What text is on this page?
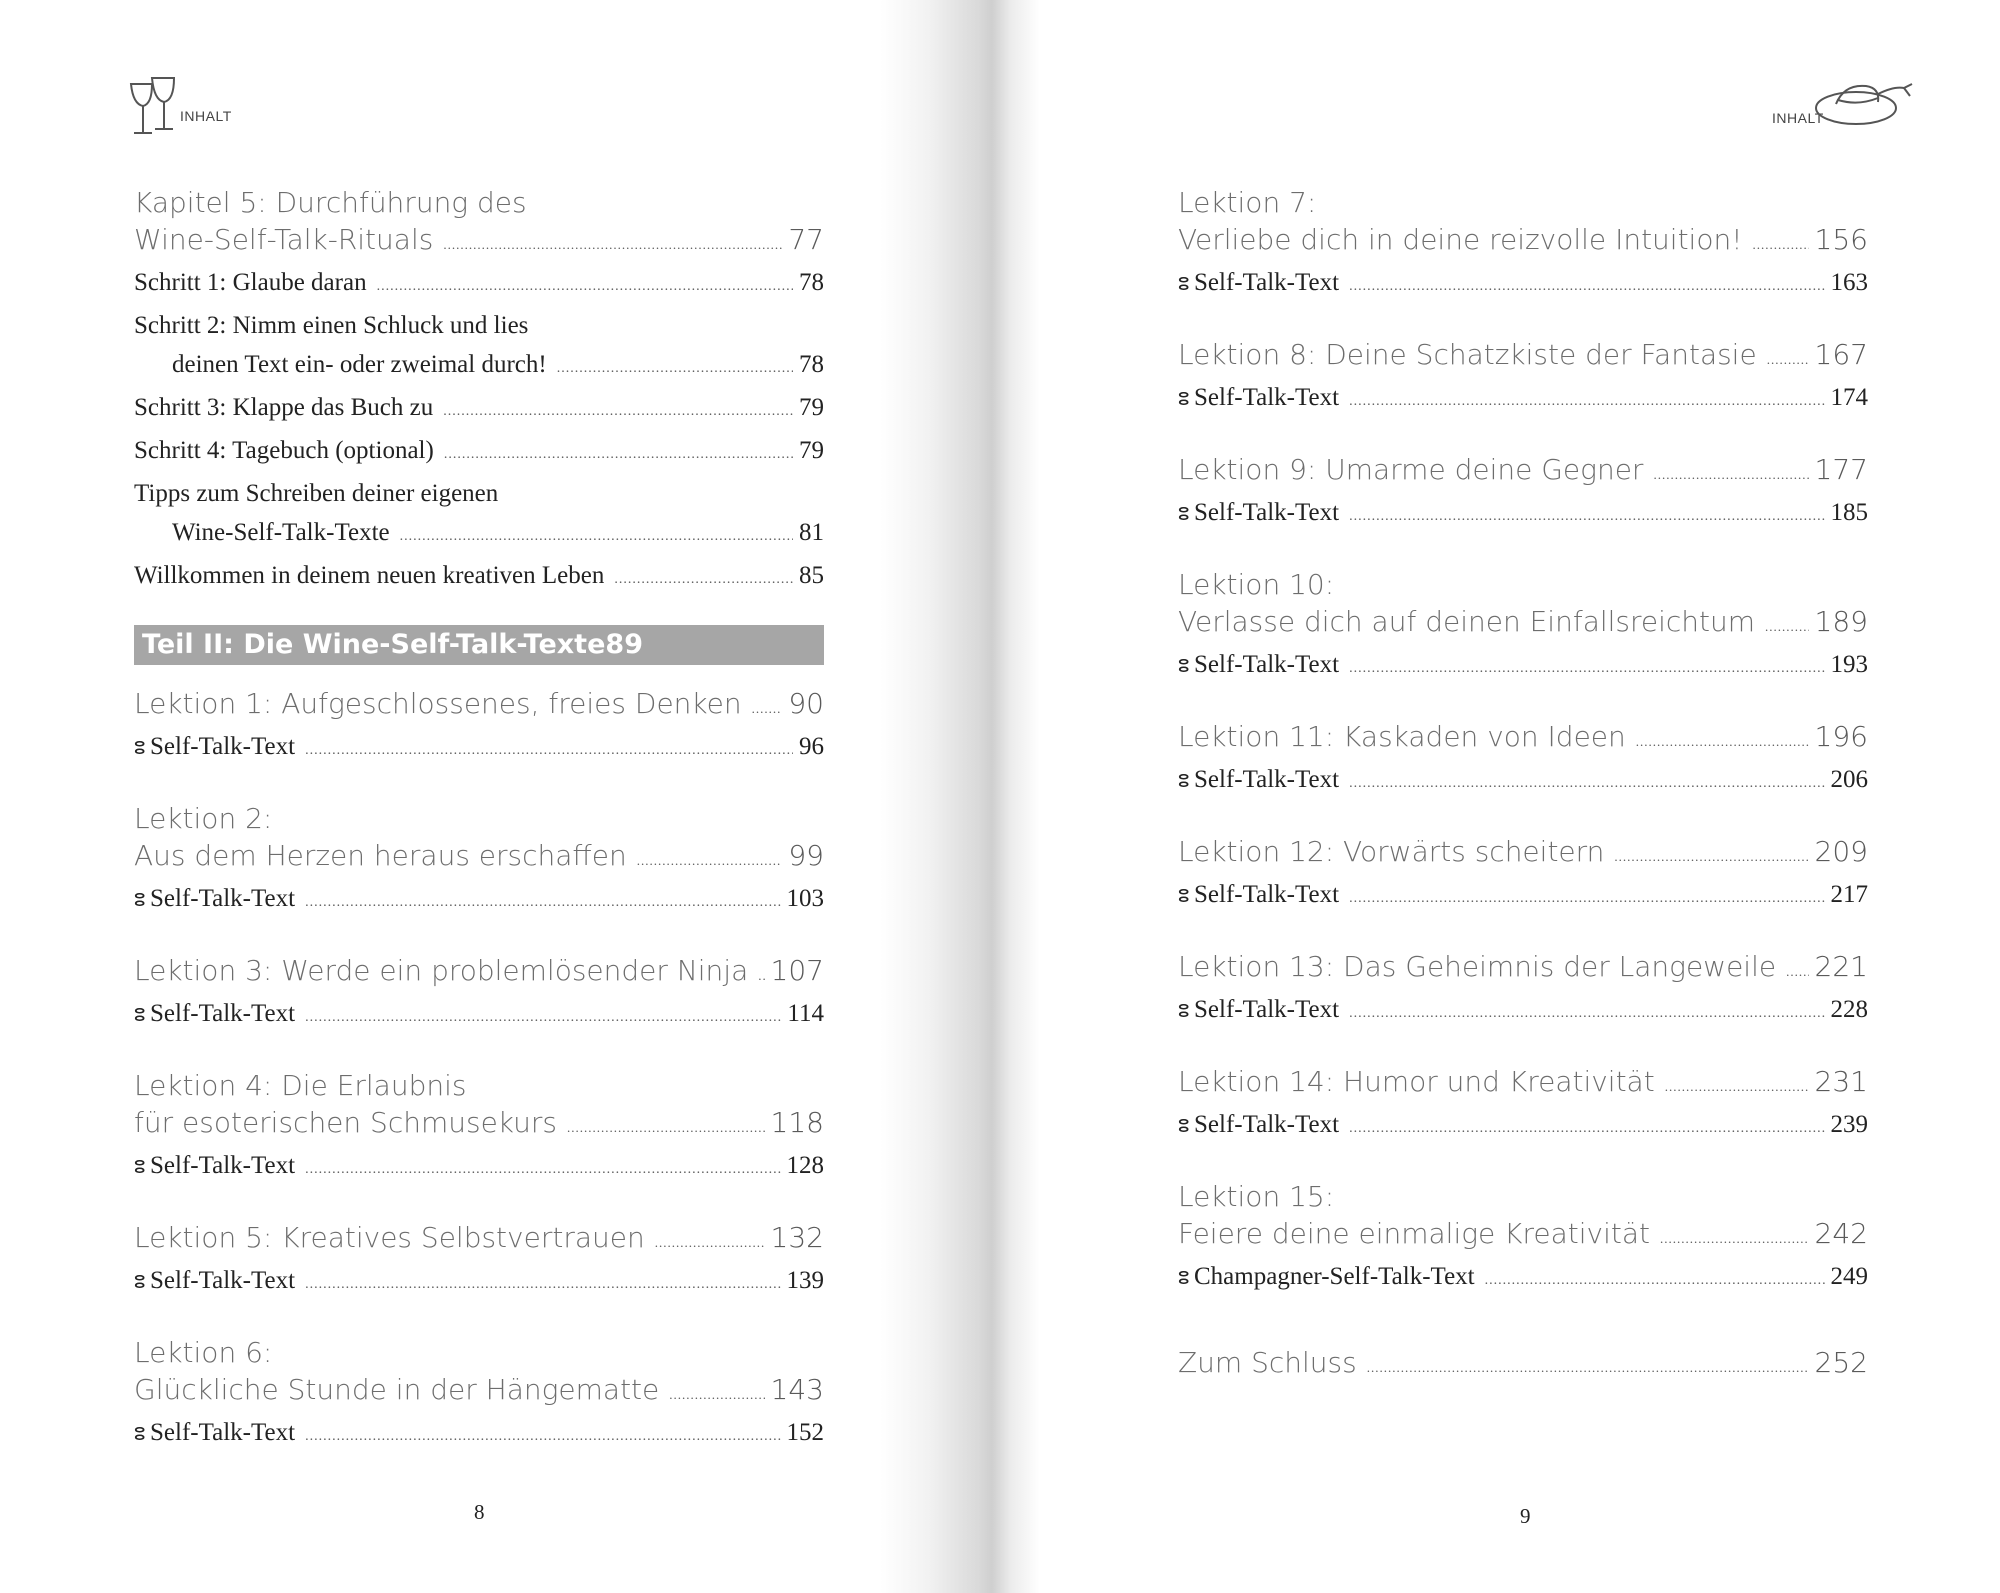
INHALT
Kapitel 5: Durchführung des
Wine-Self-Talk-Rituals .....	77
Schritt 1: Glaube daran .....	78
Schritt 2: Nimm einen Schluck und lies
deinen Text ein- oder zweimal durch! .....	78
Schritt 3: Klappe das Buch zu .....	79
Schritt 4: Tagebuch (optional) .....	79
Tipps zum Schreiben deiner eigenen
Wine-Self-Talk-Texte .....	81
Willkommen in deinem neuen kreativen Leben .....	85
Teil II: Die Wine-Self-Talk-Texte 89
Lektion 1: Aufgeschlossenes, freies Denken ..... 90
ⵓ Self-Talk-Text .....	96
Lektion 2:
Aus dem Herzen heraus erschaffen .....	99
ⵓ Self-Talk-Text .....	103
Lektion 3: Werde ein problemlösender Ninja ..... 107
ⵓ Self-Talk-Text .....	114
Lektion 4: Die Erlaubnis
für esoterischen Schmusekurs .....	118
ⵓ Self-Talk-Text .....	128
Lektion 5: Kreatives Selbstvertrauen .....	132
ⵓ Self-Talk-Text .....	139
Lektion 6:
Glückliche Stunde in der Hängematte .....	143
ⵓ Self-Talk-Text .....	152
8
INHALT
Lektion 7:
Verliebe dich in deine reizvolle Intuition! .....	156
ⵓ Self-Talk-Text .....	163
Lektion 8: Deine Schatzkiste der Fantasie ..... 167
ⵓ Self-Talk-Text .....	174
Lektion 9: Umarme deine Gegner .....	177
ⵓ Self-Talk-Text .....	185
Lektion 10:
Verlasse dich auf deinen Einfallsreichtum ..... 189
ⵓ Self-Talk-Text .....	193
Lektion 11: Kaskaden von Ideen .....	196
ⵓ Self-Talk-Text .....	206
Lektion 12: Vorwärts scheitern .....	209
ⵓ Self-Talk-Text .....	217
Lektion 13: Das Geheimnis der Langeweile ..... 221
ⵓ Self-Talk-Text .....	228
Lektion 14: Humor und Kreativität .....	231
ⵓ Self-Talk-Text .....	239
Lektion 15:
Feiere deine einmalige Kreativität .....	242
ⵓ Champagner-Self-Talk-Text .....	249
Zum Schluss .....	252
9
